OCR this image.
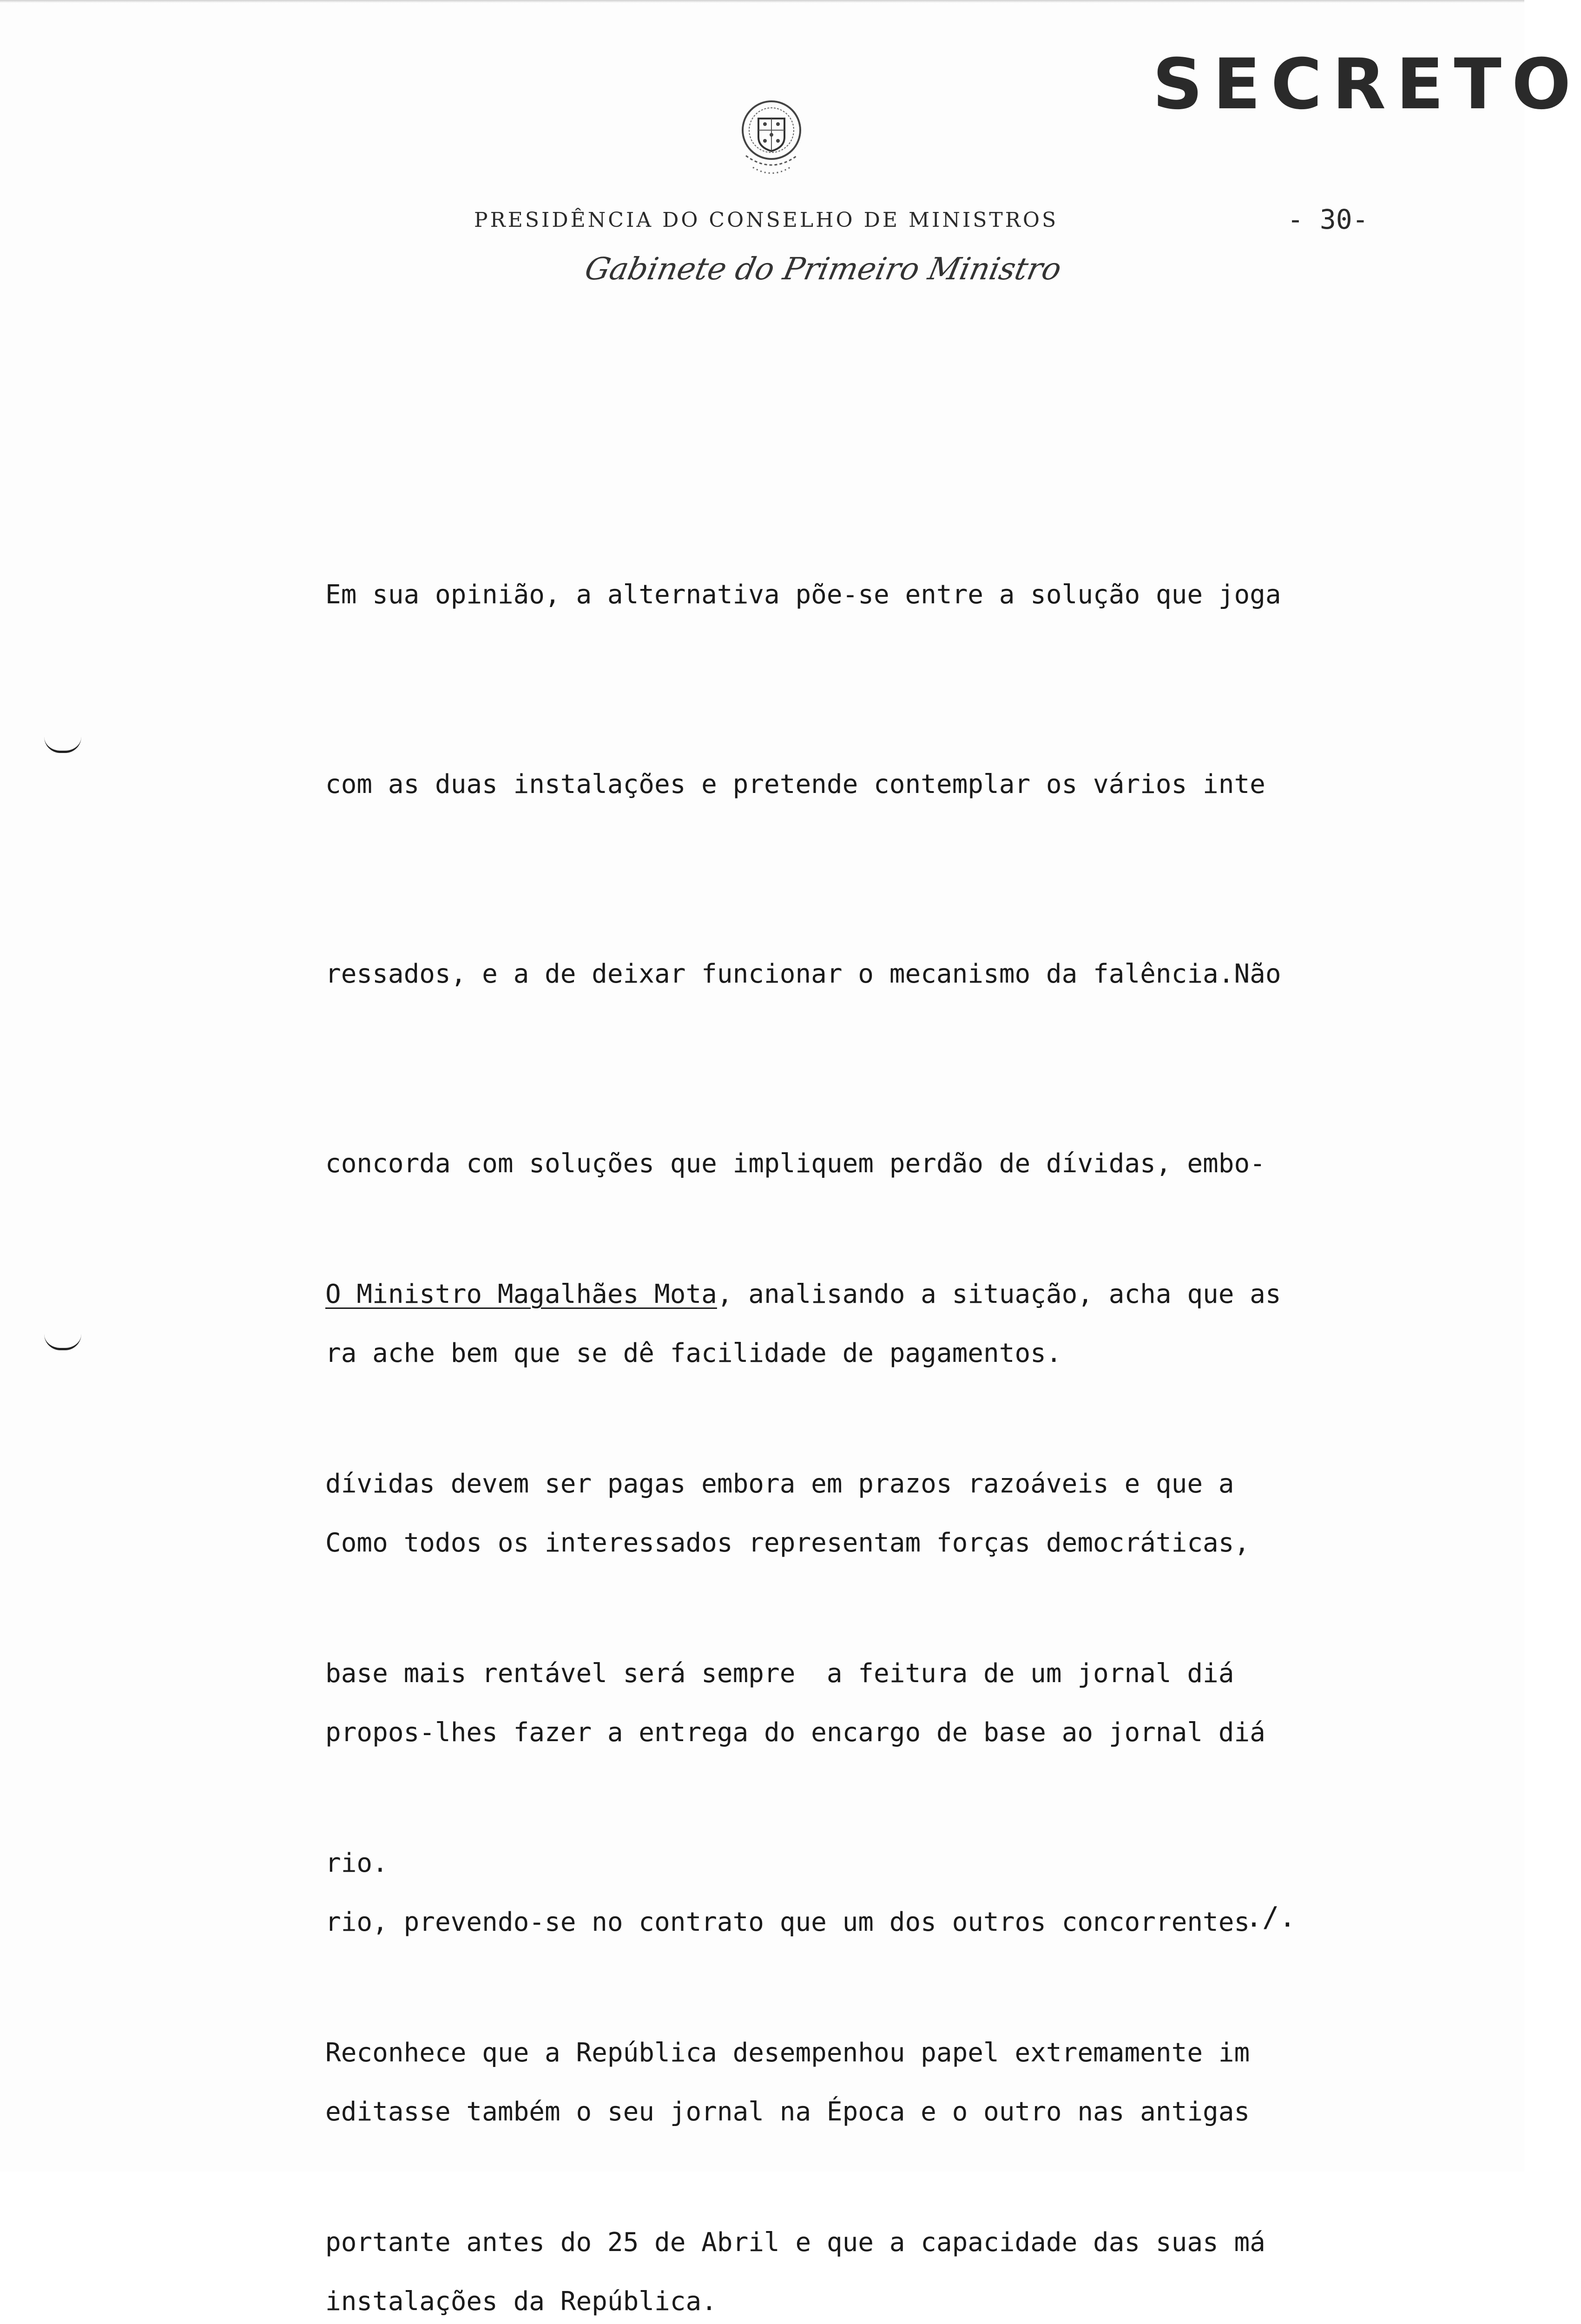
SECRETO
PRESIDÊNCIA DO CONSELHO DE MINISTROS	- 30-
Gabinete do Primeiro Ministro

Em sua opinião, a alternativa põe-se entre a solução que joga

com as duas instalações e pretende contemplar os vários inte

ressados, e a de deixar funcionar o mecanismo da falência.Não

concorda com soluções que impliquem perdão de dívidas, embo-

ra ache bem que se dê facilidade de pagamentos.

Como todos os interessados representam forças democráticas,

propos-lhes fazer a entrega do encargo de base ao jornal diá

rio, prevendo-se no contrato que um dos outros concorrentes

editasse também o seu jornal na Época e o outro nas antigas

instalações da República.

O Ministro Magalhães Mota, analisando a situação, acha que as

dívidas devem ser pagas embora em prazos razoáveis e que a

base mais rentável será sempre  a feitura de um jornal diá

rio.

Reconhece que a República desempenhou papel extremamente im

portante antes do 25 de Abril e que a capacidade das suas má

./.
